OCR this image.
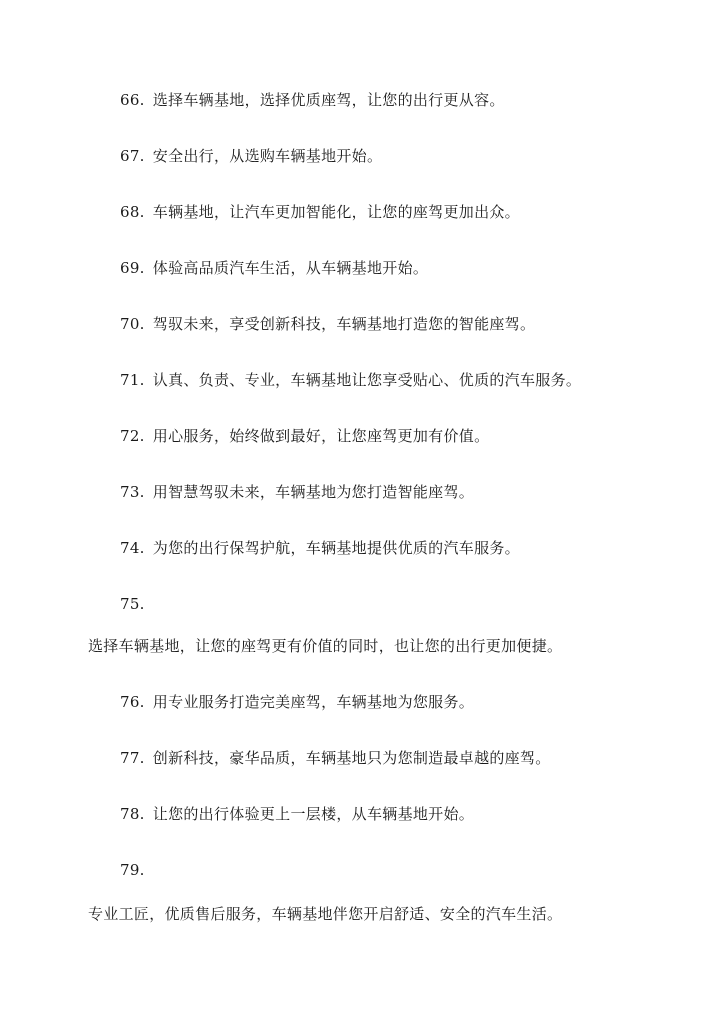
66. 选择车辆基地，选择优质座驾，让您的出行更从容。
67. 安全出行，从选购车辆基地开始。
68. 车辆基地，让汽车更加智能化，让您的座驾更加出众。
69. 体验高品质汽车生活，从车辆基地开始。
70. 驾驭未来，享受创新科技，车辆基地打造您的智能座驾。
71. 认真、负责、专业，车辆基地让您享受贴心、优质的汽车服务。
72. 用心服务，始终做到最好，让您座驾更加有价值。
73. 用智慧驾驭未来，车辆基地为您打造智能座驾。
74. 为您的出行保驾护航，车辆基地提供优质的汽车服务。
75.
选择车辆基地，让您的座驾更有价值的同时，也让您的出行更加便捷。
76. 用专业服务打造完美座驾，车辆基地为您服务。
77. 创新科技，豪华品质，车辆基地只为您制造最卓越的座驾。
78. 让您的出行体验更上一层楼，从车辆基地开始。
79.
专业工匠，优质售后服务，车辆基地伴您开启舒适、安全的汽车生活。
